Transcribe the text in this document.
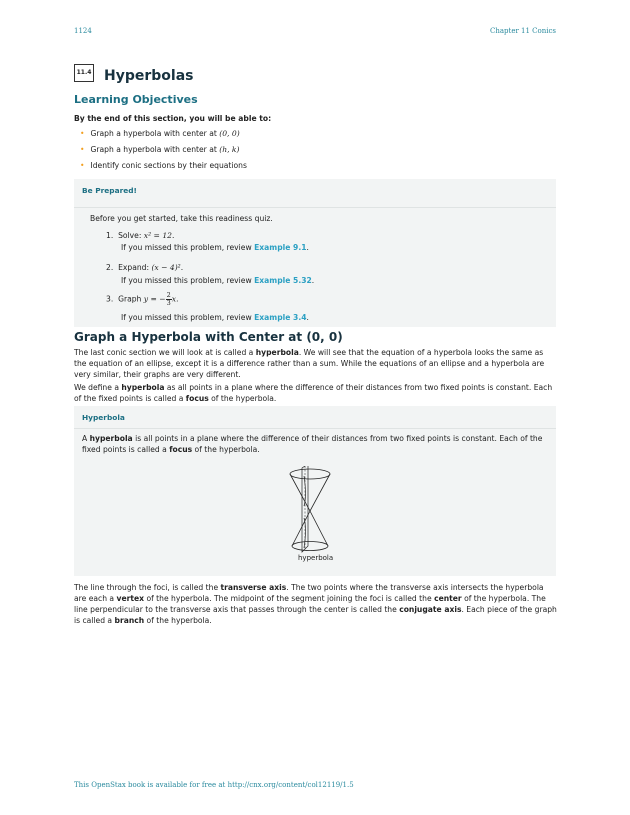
1124	Chapter 11 Conics
11.4 Hyperbolas
Learning Objectives
By the end of this section, you will be able to:
• Graph a hyperbola with center at (0, 0)
• Graph a hyperbola with center at (h, k)
• Identify conic sections by their equations
Be Prepared!
Before you get started, take this readiness quiz.
1. Solve: x² = 12.
If you missed this problem, review Example 9.1.
2. Expand: (x − 4)².
If you missed this problem, review Example 5.32.
3. Graph y = − $\frac{2}{3} x$.
If you missed this problem, review Example 3.4.
Graph a Hyperbola with Center at (0, 0)
The last conic section we will look at is called a hyperbola. We will see that the equation of a hyperbola looks the same as the equation of an ellipse, except it is a difference rather than a sum. While the equations of an ellipse and a hyperbola are very similar, their graphs are very different.
We define a hyperbola as all points in a plane where the difference of their distances from two fixed points is constant. Each of the fixed points is called a focus of the hyperbola.
Hyperbola
A hyperbola is all points in a plane where the difference of their distances from two fixed points is constant. Each of the fixed points is called a focus of the hyperbola.
hyperbola
The line through the foci, is called the transverse axis. The two points where the transverse axis intersects the hyperbola are each a vertex of the hyperbola. The midpoint of the segment joining the foci is called the center of the hyperbola. The line perpendicular to the transverse axis that passes through the center is called the conjugate axis. Each piece of the graph is called a branch of the hyperbola.
This OpenStax book is available for free at http://cnx.org/content/col12119/1.5
